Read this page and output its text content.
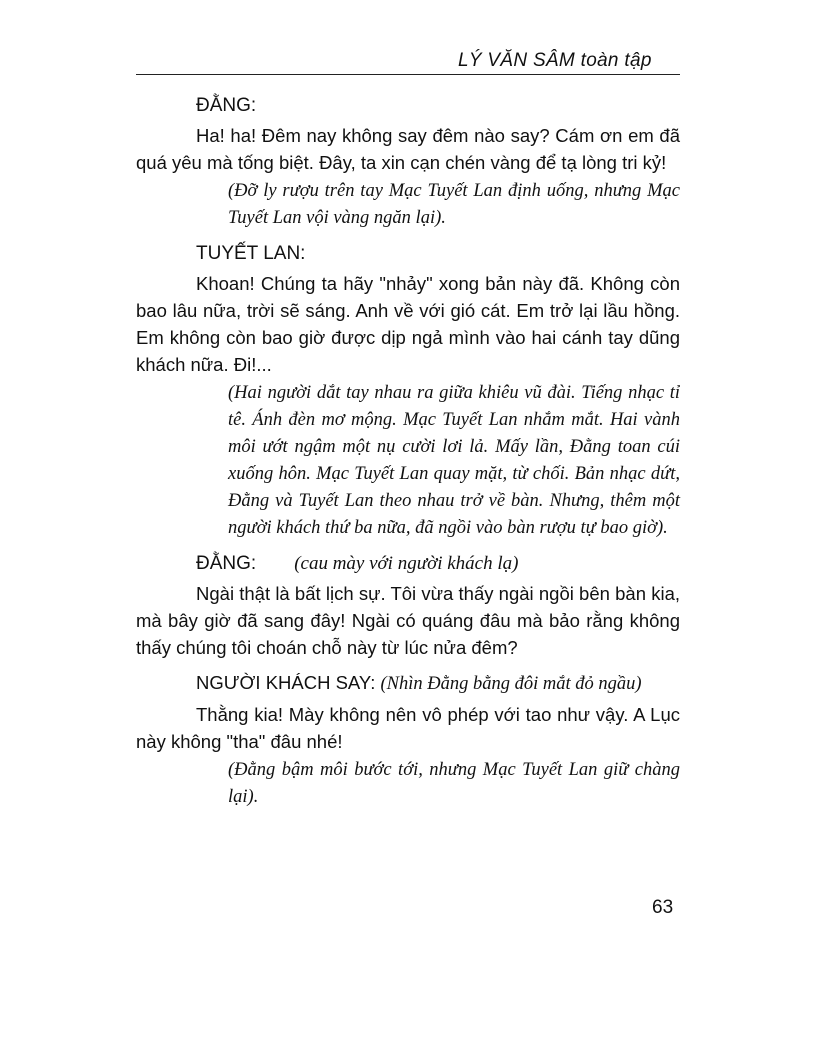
LÝ VĂN SÂM toàn tập

ĐẰNG:

Ha! ha! Đêm nay không say đêm nào say? Cám ơn em đã quá yêu mà tống biệt. Đây, ta xin cạn chén vàng để tạ lòng tri kỷ!

(Đỡ ly rượu trên tay Mạc Tuyết Lan định uống, nhưng Mạc Tuyết Lan vội vàng ngăn lại).

TUYẾT LAN:

Khoan! Chúng ta hãy "nhảy" xong bản này đã. Không còn bao lâu nữa, trời sẽ sáng. Anh về với gió cát. Em trở lại lầu hồng. Em không còn bao giờ được dịp ngả mình vào hai cánh tay dũng khách nữa. Đi!...

(Hai người dắt tay nhau ra giữa khiêu vũ đài. Tiếng nhạc tỉ tê. Ánh đèn mơ mộng. Mạc Tuyết Lan nhắm mắt. Hai vành môi ướt ngậm một nụ cười lơi lả. Mấy lần, Đằng toan cúi xuống hôn. Mạc Tuyết Lan quay mặt, từ chối. Bản nhạc dứt, Đằng và Tuyết Lan theo nhau trở về bàn. Nhưng, thêm một người khách thứ ba nữa, đã ngồi vào bàn rượu tự bao giờ).

ĐẰNG: (cau mày với người khách lạ)

Ngài thật là bất lịch sự. Tôi vừa thấy ngài ngồi bên bàn kia, mà bây giờ đã sang đây! Ngài có quáng đâu mà bảo rằng không thấy chúng tôi choán chỗ này từ lúc nửa đêm?

NGƯỜI KHÁCH SAY: (Nhìn Đằng bằng đôi mắt đỏ ngầu)

Thằng kia! Mày không nên vô phép với tao như vậy. A Lục này không "tha" đâu nhé!

(Đằng bậm môi bước tới, nhưng Mạc Tuyết Lan giữ chàng lại).

63
